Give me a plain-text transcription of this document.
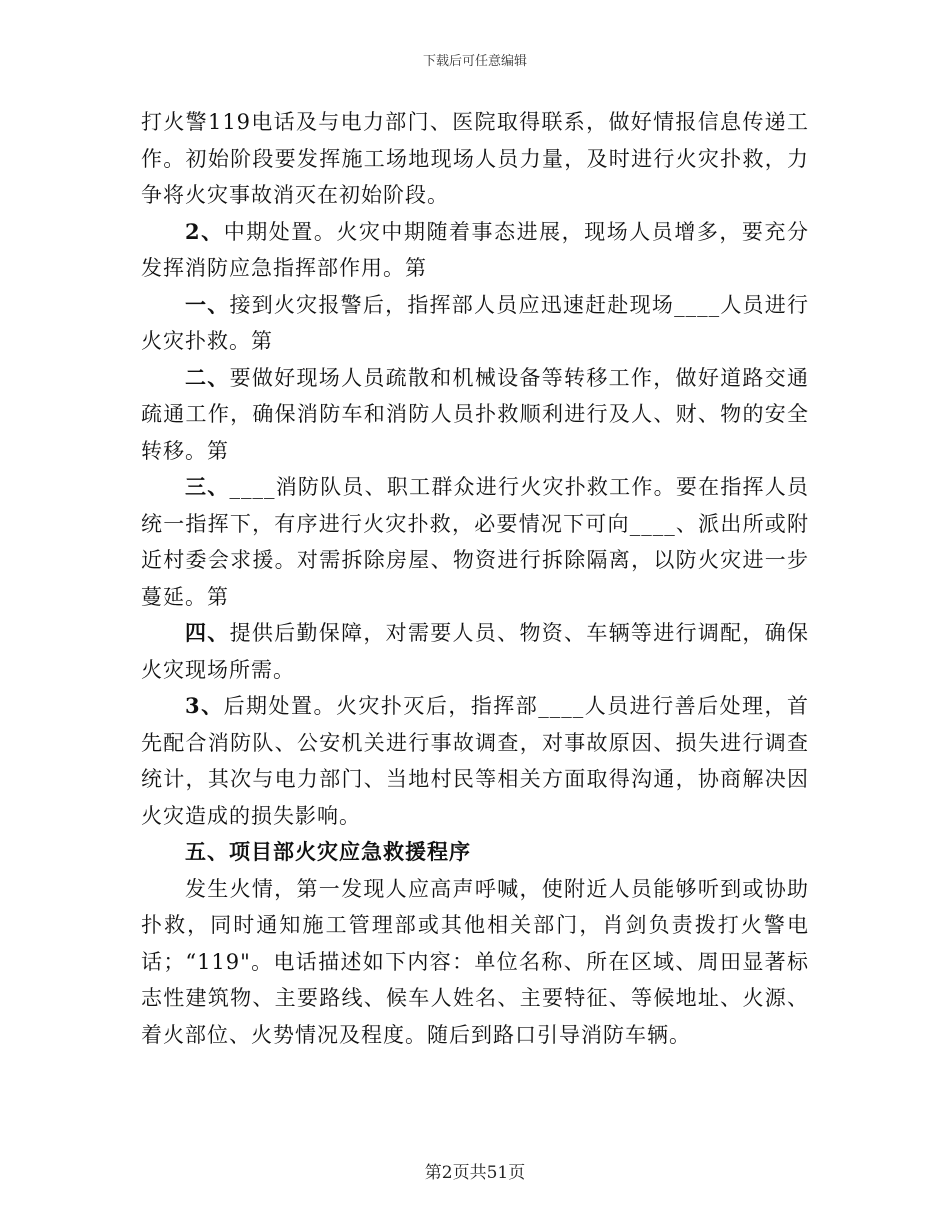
下载后可任意编辑

打火警119电话及与电力部门、医院取得联系，做好情报信息传递工作。初始阶段要发挥施工场地现场人员力量，及时进行火灾扑救，力争将火灾事故消灭在初始阶段。

2、中期处置。火灾中期随着事态进展，现场人员增多，要充分发挥消防应急指挥部作用。第

一、接到火灾报警后，指挥部人员应迅速赶赴现场____人员进行火灾扑救。第

二、要做好现场人员疏散和机械设备等转移工作，做好道路交通疏通工作，确保消防车和消防人员扑救顺利进行及人、财、物的安全转移。第

三、____消防队员、职工群众进行火灾扑救工作。要在指挥人员统一指挥下，有序进行火灾扑救，必要情况下可向____、派出所或附近村委会求援。对需拆除房屋、物资进行拆除隔离，以防火灾进一步蔓延。第

四、提供后勤保障，对需要人员、物资、车辆等进行调配，确保火灾现场所需。

3、后期处置。火灾扑灭后，指挥部____人员进行善后处理，首先配合消防队、公安机关进行事故调查，对事故原因、损失进行调查统计，其次与电力部门、当地村民等相关方面取得沟通，协商解决因火灾造成的损失影响。

五、项目部火灾应急救援程序

发生火情，第一发现人应高声呼喊，使附近人员能够听到或协助扑救，同时通知施工管理部或其他相关部门，肖剑负责拨打火警电话；“119"。电话描述如下内容：单位名称、所在区域、周田显著标志性建筑物、主要路线、候车人姓名、主要特征、等候地址、火源、着火部位、火势情况及程度。随后到路口引导消防车辆。

第2页共51页
